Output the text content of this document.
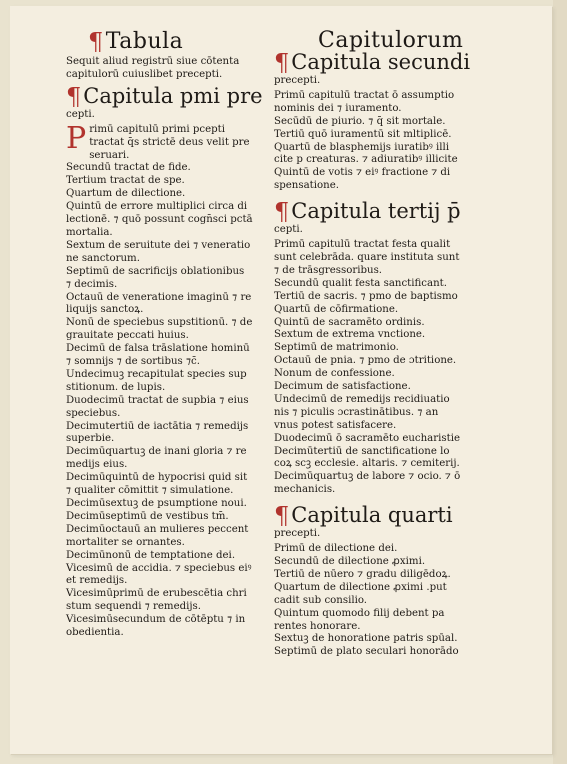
¶Tabula	Capitulorum

Sequit aliud registrū siue cōtenta

capitulorū cuiuslibet precepti.

¶Capitula pmi pre

cepti.

P rimū capitulū primi pcepti

tractat q̄s strictē deus velit pre

seruari.

Secundū tractat de fide.

Tertium tractat de spe.

Quartum de dilectione.

Quintū de errore multiplici circa di

lectionē. ⁊ quō possunt cogn̄sci pctā

mortalia.

Sextum de seruitute dei ⁊ veneratio

ne sanctorum.

Septimū de sacrificijs oblationibus

⁊ decimis.

Octauū de veneratione imaginū ⁊ re

liquijs sanctoꝝ.

Nonū de speciebus supstitionū. ⁊ de

grauitate peccati huius.

Decimū de falsa trāslatione hominū

⁊ somnijs ⁊ de sortibus ⁊c̄.

Undecimuꝫ recapitulat species sup

stitionum. de lupis.

Duodecimū tractat de supbia ⁊ eius

speciebus.

Decimutertiū de iactātia ⁊ remedijs

superbie.

Decimūquartuꝫ de inani gloria ⁊ re

medijs eius.

Decimūquintū de hypocrisi quid sit

⁊ qualiter cōmittit ⁊ simulatione.

Decimūsextuꝫ de psumptione noui.

Decimūseptimū de vestibus tm̄.

Decimūoctauū an mulieres peccent

mortaliter se ornantes.

Decimūnonū de temptatione dei.

Vicesimū de accidia. ⁊ speciebus eiꝰ

et remedijs.

Vicesimūprimū de erubescētia chri

stum sequendi ⁊ remedijs.

Vicesimūsecundum de cōtēptu ⁊ in

obedientia.

¶Capitula secundi

precepti.

Primū capitulū tractat ō assumptio

nominis dei ⁊ iuramento.

Secūdū de piurio. ⁊ q̄ sit mortale.

Tertiū quō iuramentū sit mltiplicē.

Quartū de blasphemijs iuratibꝰ illi

cite p creaturas. ⁊ adiuratibꝰ illicite

Quintū de votis ⁊ eiꝰ fractione ⁊ di

spensatione.

¶Capitula tertij p̄

cepti.

Primū capitulū tractat festa qualit

sunt celebrāda. quare instituta sunt

⁊ de trāsgressoribus.

Secundū qualit festa sanctificant.

Tertiū de sacris. ⁊ pmo de baptismo

Quartū de cōfirmatione.

Quintū de sacramēto ordinis.

Sextum de extrema vnctione.

Septimū de matrimonio.

Octauū de pnia. ⁊ pmo de ɔtritione.

Nonum de confessione.

Decimum de satisfactione.

Undecimū de remedijs recidiuatio

nis ⁊ piculis ɔcrastinātibus. ⁊ an

vnus potest satisfacere.

Duodecimū ō sacramēto eucharistie

Decimūtertiū de sanctificatione lo

coꝝ scꝫ ecclesie. altaris. ⁊ cemiterij.

Decimūquartuꝫ de labore ⁊ ocio. ⁊ ō

mechanicis.

¶Capitula quarti

precepti.

Primū de dilectione dei.

Secundū de dilectione ꝓximi.

Tertiū de nūero ⁊ gradu diligēdoꝝ.

Quartum de dilectione ꝓximi .put

cadit sub consilio.

Quintum quomodo filij debent pa

rentes honorare.

Sextuꝫ de honoratione patris spūal.

Septimū de plato seculari honorādo
